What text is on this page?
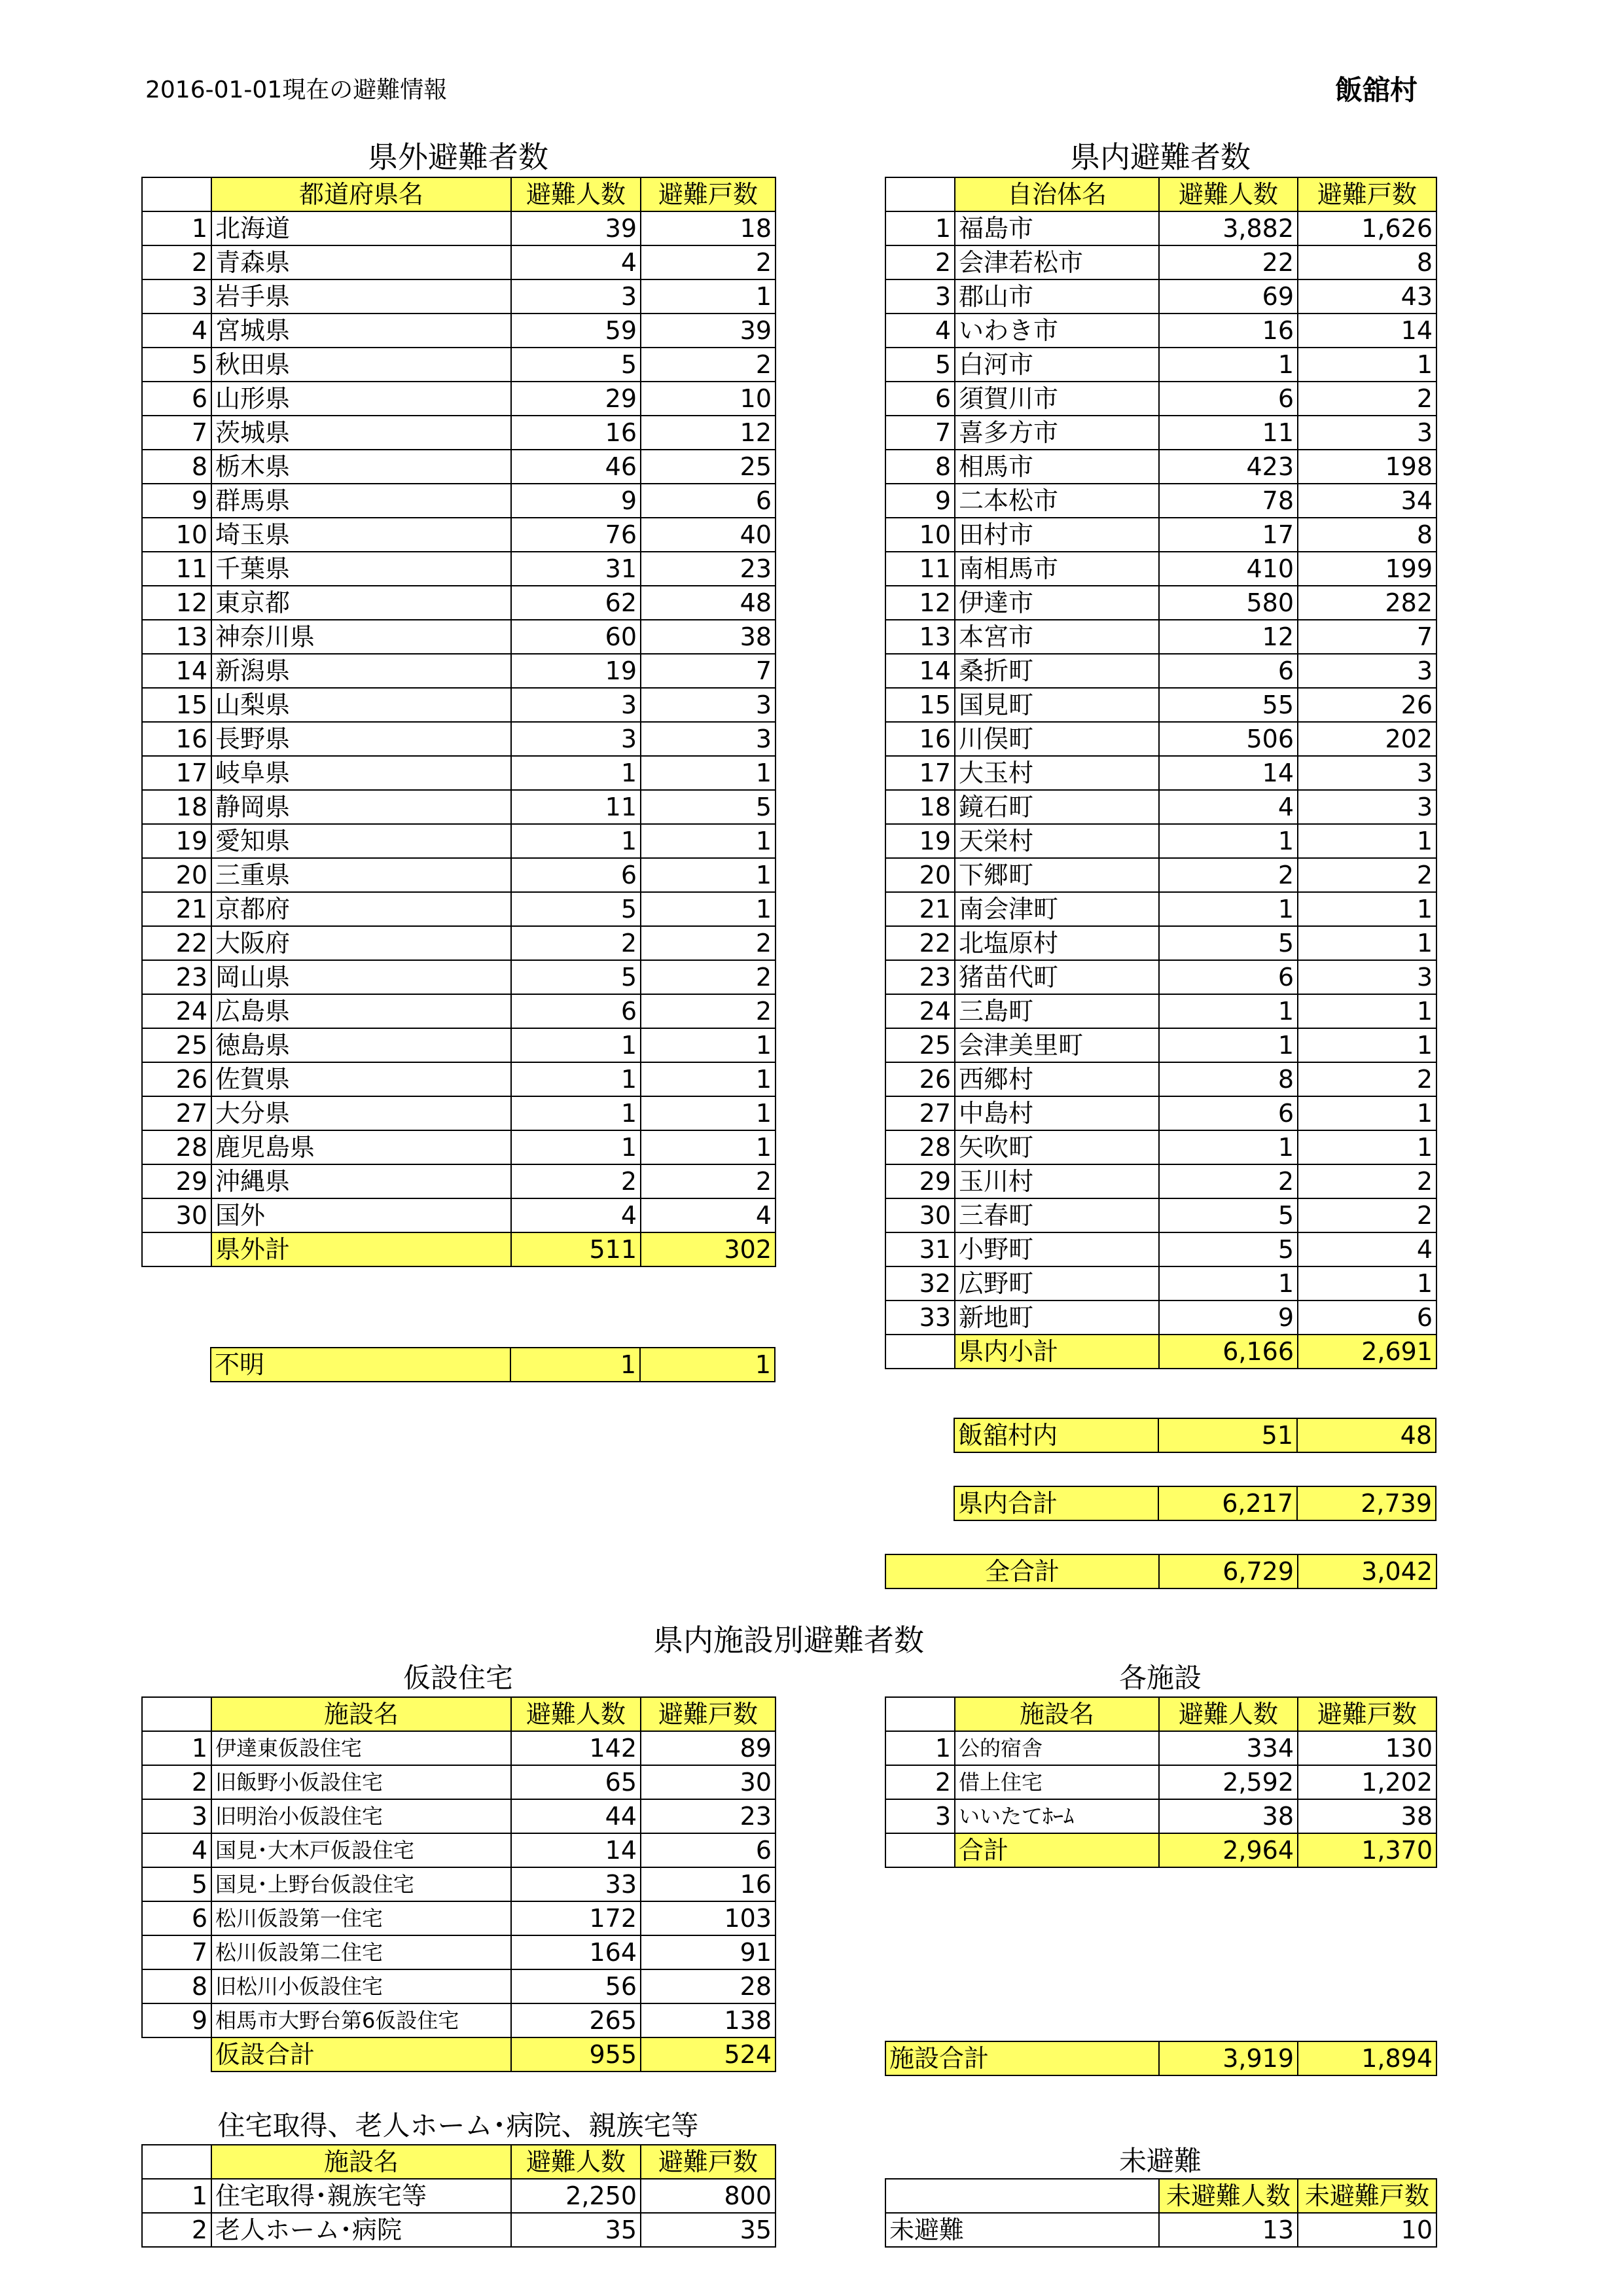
2016-01-01現在の避難情報	飯舘村
県外避難者数	県内避難者数
	都道府県名	避難人数	避難戸数
1	北海道	39	18
2	青森県	4	2
3	岩手県	3	1
4	宮城県	59	39
5	秋田県	5	2
6	山形県	29	10
7	茨城県	16	12
8	栃木県	46	25
9	群馬県	9	6
10	埼玉県	76	40
11	千葉県	31	23
12	東京都	62	48
13	神奈川県	60	38
14	新潟県	19	7
15	山梨県	3	3
16	長野県	3	3
17	岐阜県	1	1
18	静岡県	11	5
19	愛知県	1	1
20	三重県	6	1
21	京都府	5	1
22	大阪府	2	2
23	岡山県	5	2
24	広島県	6	2
25	徳島県	1	1
26	佐賀県	1	1
27	大分県	1	1
28	鹿児島県	1	1
29	沖縄県	2	2
30	国外	4	4
	県外計	511	302
	自治体名	避難人数	避難戸数
1	福島市	3,882	1,626
2	会津若松市	22	8
3	郡山市	69	43
4	いわき市	16	14
5	白河市	1	1
6	須賀川市	6	2
7	喜多方市	11	3
8	相馬市	423	198
9	二本松市	78	34
10	田村市	17	8
11	南相馬市	410	199
12	伊達市	580	282
13	本宮市	12	7
14	桑折町	6	3
15	国見町	55	26
16	川俣町	506	202
17	大玉村	14	3
18	鏡石町	4	3
19	天栄村	1	1
20	下郷町	2	2
21	南会津町	1	1
22	北塩原村	5	1
23	猪苗代町	6	3
24	三島町	1	1
25	会津美里町	1	1
26	西郷村	8	2
27	中島村	6	1
28	矢吹町	1	1
29	玉川村	2	2
30	三春町	5	2
31	小野町	5	4
32	広野町	1	1
33	新地町	9	6
	県内小計	6,166	2,691
	不明	1	1
	飯舘村内	51	48
	県内合計	6,217	2,739
全合計	6,729	3,042
県内施設別避難者数
仮設住宅	各施設
	施設名	避難人数	避難戸数
1	伊達東仮設住宅	142	89
2	旧飯野小仮設住宅	65	30
3	旧明治小仮設住宅	44	23
4	国見･大木戸仮設住宅	14	6
5	国見･上野台仮設住宅	33	16
6	松川仮設第一住宅	172	103
7	松川仮設第二住宅	164	91
8	旧松川小仮設住宅	56	28
9	相馬市大野台第6仮設住宅	265	138
	仮設合計	955	524
	施設名	避難人数	避難戸数
1	公的宿舎	334	130
2	借上住宅	2,592	1,202
3	いいたてﾎｰﾑ	38	38
	合計	2,964	1,370
施設合計	3,919	1,894
住宅取得、老人ホーム･病院、親族宅等
	施設名	避難人数	避難戸数
1	住宅取得･親族宅等	2,250	800
2	老人ホーム･病院	35	35
未避難
	未避難人数	未避難戸数
未避難	13	10
